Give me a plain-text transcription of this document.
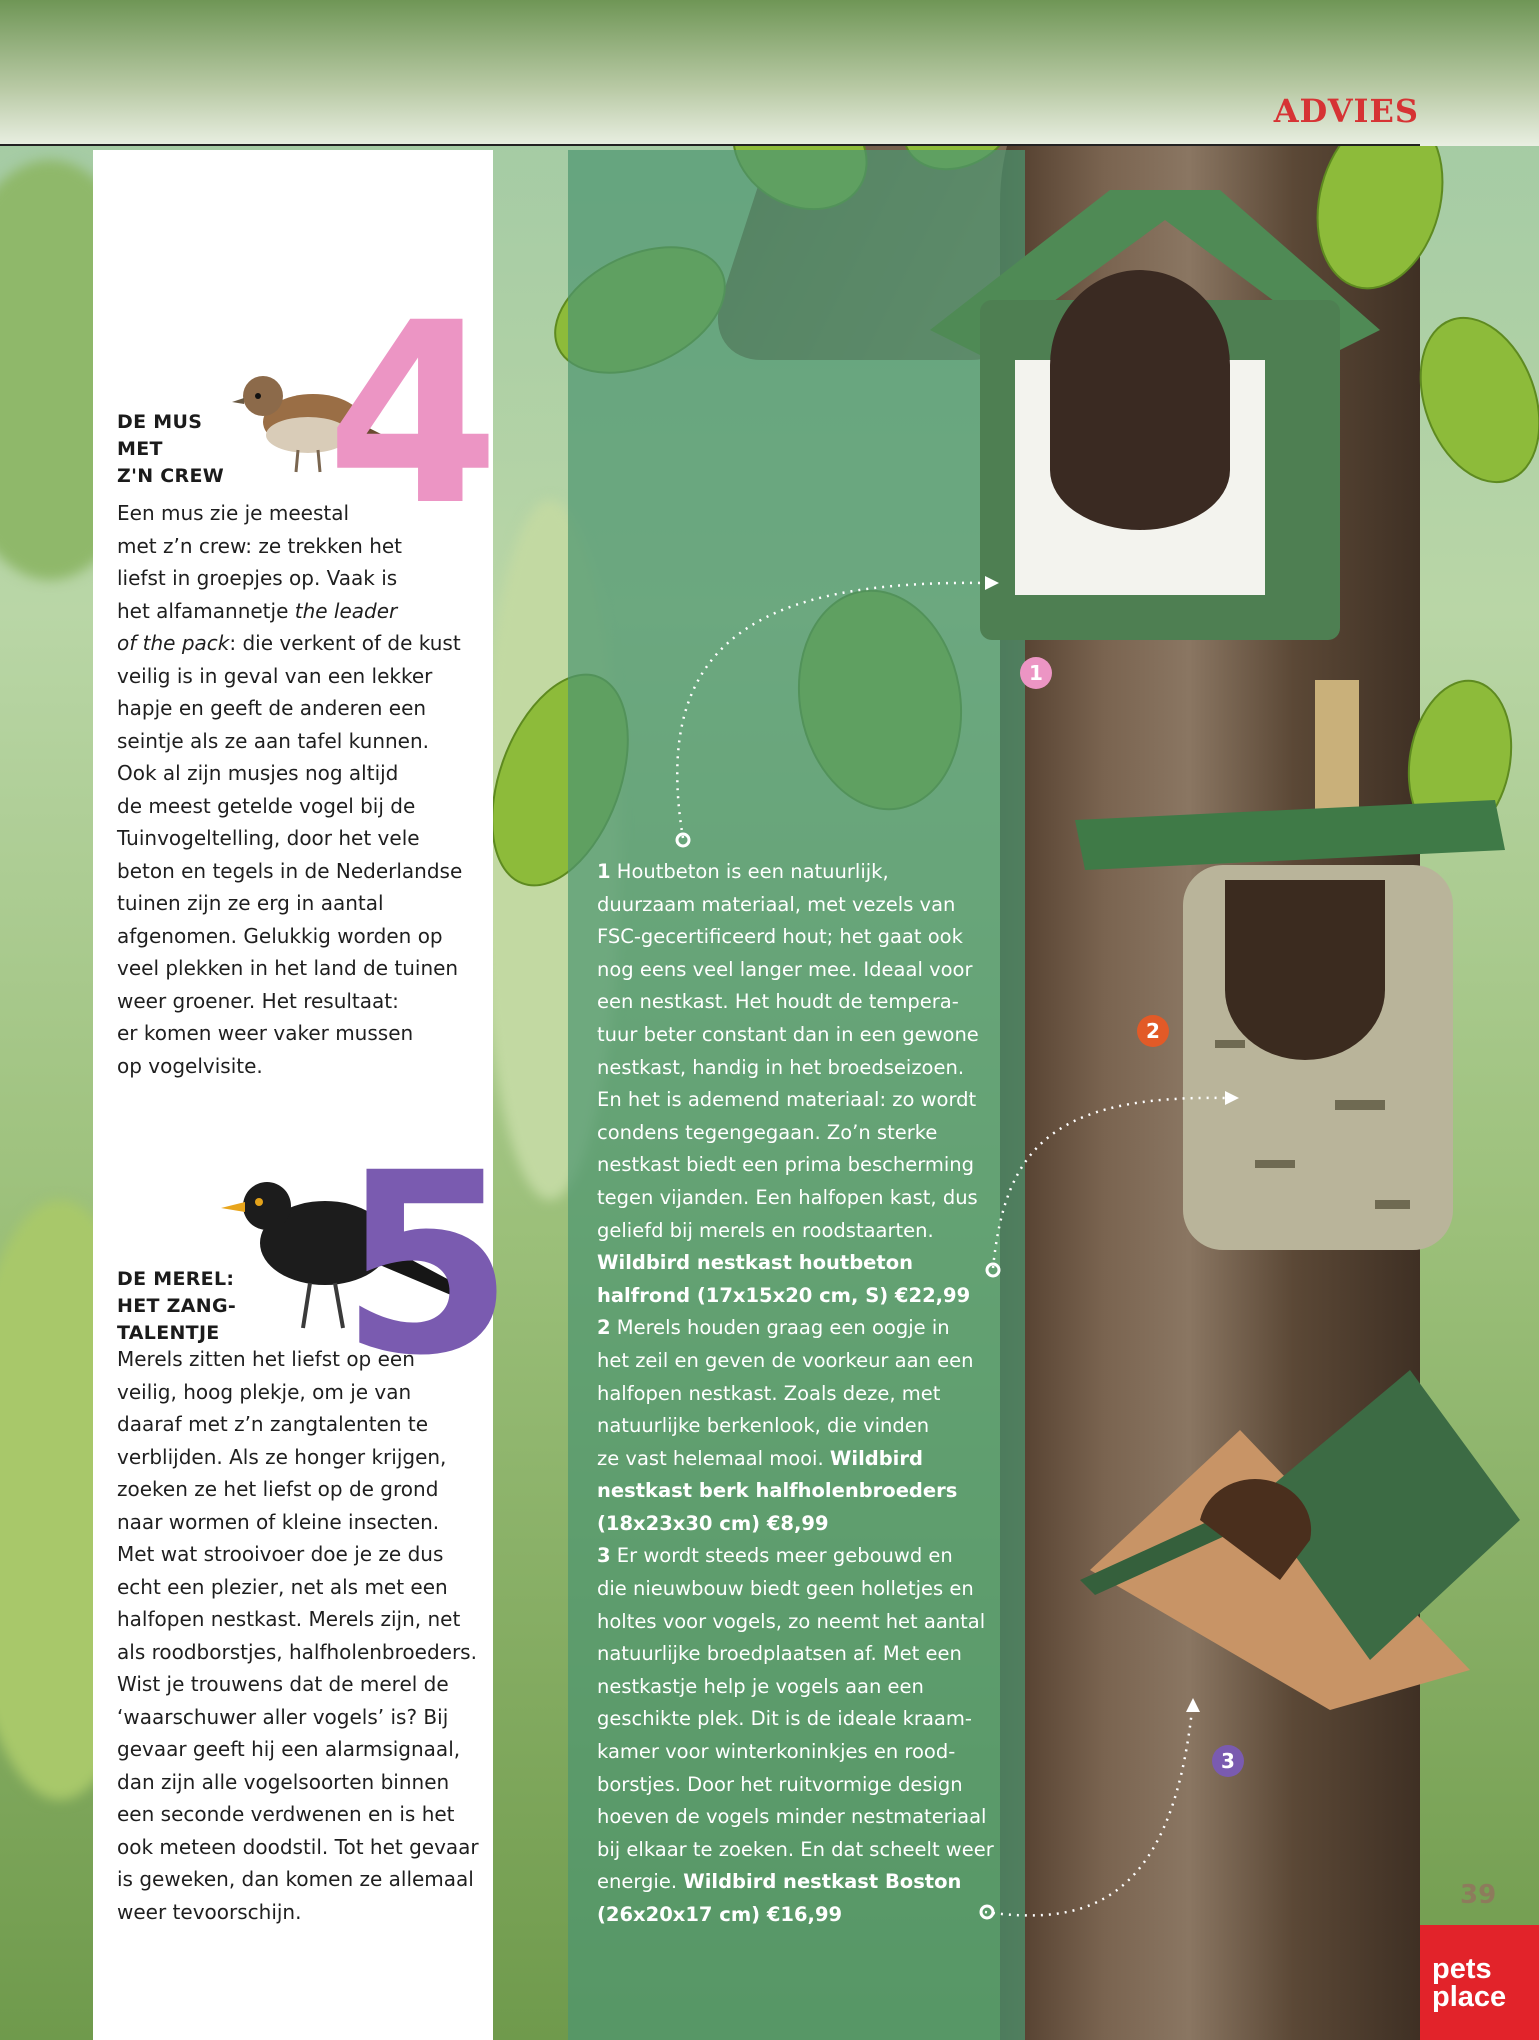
ADVIES
4
5
DE MUS
MET
Z'N CREW

Een mus zie je meestal
met z’n crew: ze trekken het
liefst in groepjes op. Vaak is
het alfamannetje the leader
of the pack: die verkent of de kust
veilig is in geval van een lekker
hapje en geeft de anderen een
seintje als ze aan tafel kunnen.
Ook al zijn musjes nog altijd
de meest getelde vogel bij de
Tuinvogeltelling, door het vele
beton en tegels in de Nederlandse
tuinen zijn ze erg in aantal
afgenomen. Gelukkig worden op
veel plekken in het land de tuinen
weer groener. Het resultaat:
er komen weer vaker mussen
op vogelvisite.

DE MEREL:
HET ZANG-
TALENTJE

Merels zitten het liefst op een
veilig, hoog plekje, om je van
daaraf met z’n zangtalenten te
verblijden. Als ze honger krijgen,
zoeken ze het liefst op de grond
naar wormen of kleine insecten.
Met wat strooivoer doe je ze dus
echt een plezier, net als met een
halfopen nestkast. Merels zijn, net
als roodborstjes, halfholenbroeders.
Wist je trouwens dat de merel de
‘waarschuwer aller vogels’ is? Bij
gevaar geeft hij een alarmsignaal,
dan zijn alle vogelsoorten binnen
een seconde verdwenen en is het
ook meteen doodstil. Tot het gevaar
is geweken, dan komen ze allemaal
weer tevoorschijn.

1 Houtbeton is een natuurlijk,
duurzaam materiaal, met vezels van
FSC-gecertificeerd hout; het gaat ook
nog eens veel langer mee. Ideaal voor
een nestkast. Het houdt de tempera-
tuur beter constant dan in een gewone
nestkast, handig in het broedseizoen.
En het is ademend materiaal: zo wordt
condens tegengegaan. Zo’n sterke
nestkast biedt een prima bescherming
tegen vijanden. Een halfopen kast, dus
geliefd bij merels en roodstaarten.
Wildbird nestkast houtbeton
halfrond (17x15x20 cm, S) €22,99
2 Merels houden graag een oogje in
het zeil en geven de voorkeur aan een
halfopen nestkast. Zoals deze, met
natuurlijke berkenlook, die vinden
ze vast helemaal mooi. Wildbird
nestkast berk halfholenbroeders
(18x23x30 cm) €8,99
3 Er wordt steeds meer gebouwd en
die nieuwbouw biedt geen holletjes en
holtes voor vogels, zo neemt het aantal
natuurlijke broedplaatsen af. Met een
nestkastje help je vogels aan een
geschikte plek. Dit is de ideale kraam-
kamer voor winterkoninkjes en rood-
borstjes. Door het ruitvormige design
hoeven de vogels minder nestmateriaal
bij elkaar te zoeken. En dat scheelt weer
energie. Wildbird nestkast Boston
(26x20x17 cm) €16,99

1
2
3
39
pets
place
